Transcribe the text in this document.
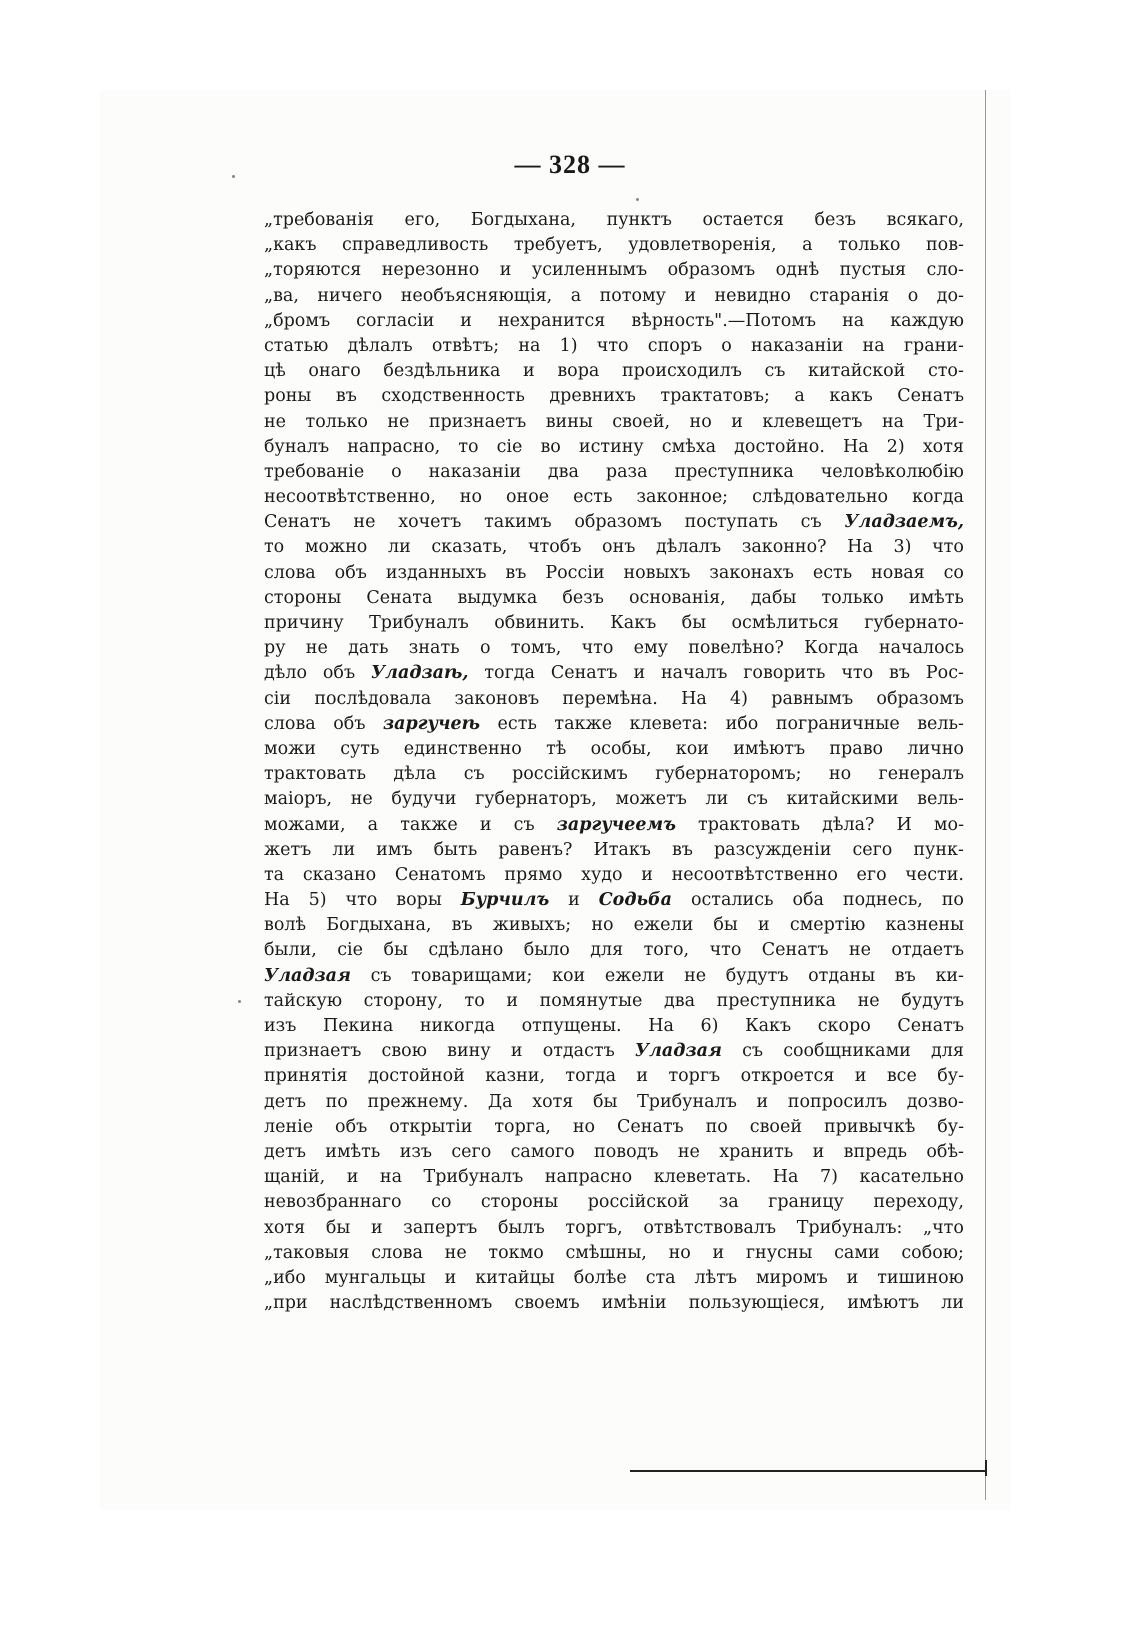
— 328 —
„требованія его, Богдыхана, пунктъ остается безъ всякаго,
„какъ справедливость требуетъ, удовлетворенія, а только пов-
„торяются нерезонно и усиленнымъ образомъ однѣ пустыя сло-
„ва, ничего необъясняющія, а потому и невидно старанія о до-
„бромъ согласіи и нехранится вѣрность".—Потомъ на каждую
статью дѣлалъ отвѣтъ; на 1) что споръ о наказаніи на грани-
цѣ онаго бездѣльника и вора происходилъ съ китайской сто-
роны въ сходственность древнихъ трактатовъ; а какъ Сенатъ
не только не признаетъ вины своей, но и клевещетъ на Три-
буналъ напрасно, то сіе во истину смѣха достойно. На 2) хотя
требованіе о наказаніи два раза преступника человѣколюбію
несоотвѣтственно, но оное есть законное; слѣдовательно когда
Сенатъ не хочетъ такимъ образомъ поступать съ Уладзаемъ,
то можно ли сказать, чтобъ онъ дѣлалъ законно? На 3) что
слова объ изданныхъ въ Россіи новыхъ законахъ есть новая со
стороны Сената выдумка безъ основанія, дабы только имѣть
причину Трибуналъ обвинить. Какъ бы осмѣлиться губернато-
ру не дать знать о томъ, что ему повелѣно? Когда началось
дѣло объ Уладзаѣ, тогда Сенатъ и началъ говорить что въ Рос-
сіи послѣдовала законовъ перемѣна. На 4) равнымъ образомъ
слова объ заргучеѣ есть также клевета: ибо пограничные вель-
можи суть единственно тѣ особы, кои имѣютъ право лично
трактовать дѣла съ россійскимъ губернаторомъ; но генералъ
маіоръ, не будучи губернаторъ, можетъ ли съ китайскими вель-
можами, а также и съ заргучеемъ трактовать дѣла? И мо-
жетъ ли имъ быть равенъ? Итакъ въ разсужденіи сего пунк-
та сказано Сенатомъ прямо худо и несоотвѣтственно его чести.
На 5) что воры Бурчилъ и Содьба остались оба поднесь, по
волѣ Богдыхана, въ живыхъ; но ежели бы и смертію казнены
были, сіе бы сдѣлано было для того, что Сенатъ не отдаетъ
Уладзая съ товарищами; кои ежели не будутъ отданы въ ки-
тайскую сторону, то и помянутые два преступника не будутъ
изъ Пекина никогда отпущены. На 6) Какъ скоро Сенатъ
признаетъ свою вину и отдастъ Уладзая съ сообщниками для
принятія достойной казни, тогда и торгъ откроется и все бу-
детъ по прежнему. Да хотя бы Трибуналъ и попросилъ дозво-
леніе объ открытіи торга, но Сенатъ по своей привычкѣ бу-
детъ имѣть изъ сего самого поводъ не хранить и впредь обѣ-
щаній, и на Трибуналъ напрасно клеветать. На 7) касательно
невозбраннаго со стороны россійской за границу переходу,
хотя бы и запертъ былъ торгъ, отвѣтствовалъ Трибуналъ: „что
„таковыя слова не токмо смѣшны, но и гнусны сами собою;
„ибо мунгальцы и китайцы болѣе ста лѣтъ миромъ и тишиною
„при наслѣдственномъ своемъ имѣніи пользующіеся, имѣютъ ли
